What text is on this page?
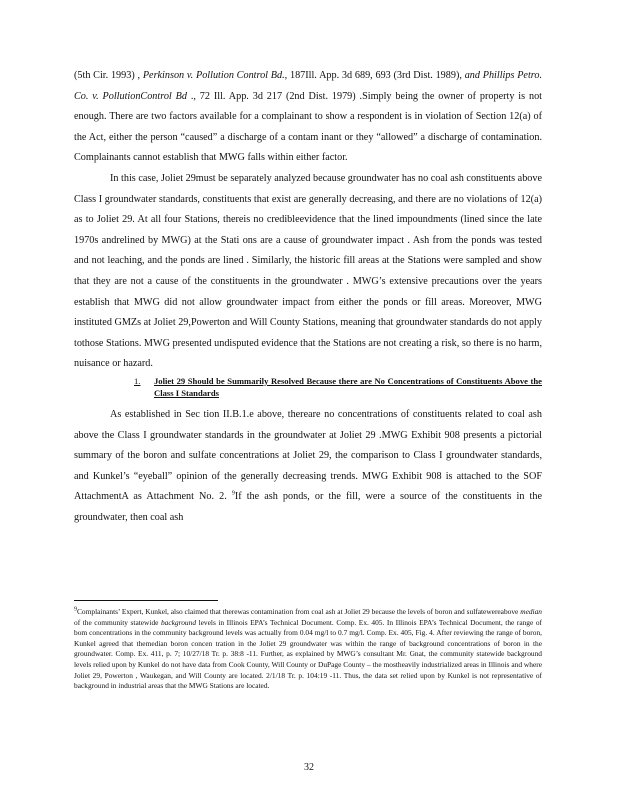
(5th Cir. 1993) , Perkinson v. Pollution Control Bd., 187Ill. App. 3d 689, 693 (3rd Dist. 1989), and Phillips Petro. Co. v. PollutionControl Bd ., 72 Ill. App. 3d 217 (2nd Dist. 1979) .Simply being the owner of property is not enough. There are two factors available for a complainant to show a respondent is in violation of Section 12(a) of the Act, either the person “caused” a discharge of a contam inant or they “allowed” a discharge of contamination. Complainants cannot establish that MWG falls within either factor.

In this case, Joliet 29must be separately analyzed because groundwater has no coal ash constituents above Class I groundwater standards, constituents that exist are generally decreasing, and there are no violations of 12(a) as to Joliet 29. At all four Stations, thereis no credibleevidence that the lined impoundments (lined since the late 1970s andrelined by MWG) at the Stati ons are a cause of groundwater impact . Ash from the ponds was tested and not leaching, and the ponds are lined . Similarly, the historic fill areas at the Stations were sampled and show that they are not a cause of the constituents in the groundwater . MWG’s extensive precautions over the years establish that MWG did not allow groundwater impact from either the ponds or fill areas. Moreover, MWG instituted GMZs at Joliet 29,Powerton and Will County Stations, meaning that groundwater standards do not apply tothose Stations. MWG presented undisputed evidence that the Stations are not creating a risk, so there is no harm, nuisance or hazard.

1.	Joliet 29 Should be Summarily Resolved Because there are No Concentrations of Constituents Above the Class I Standards

As established in Sec tion II.B.1.e above, thereare no concentrations of constituents related to coal ash above the Class I groundwater standards in the groundwater at Joliet 29 .MWG Exhibit 908 presents a pictorial summary of the boron and sulfate concentrations at Joliet 29, the comparison to Class I groundwater standards, and Kunkel’s “eyeball” opinion of the generally decreasing trends. MWG Exhibit 908 is attached to the SOF AttachmentA as Attachment No. 2. $^9$If the ash ponds, or the fill, were a source of the constituents in the groundwater, then coal ash

$^9$Complainants’ Expert, Kunkel, also claimed that therewas contamination from coal ash at Joliet 29 because the levels of boron and sulfatewereabove median of the community statewide background levels in Illinois EPA’s Technical Document. Comp. Ex. 405. In Illinois EPA’s Technical Document, the range of bom concentrations in the community background levels was actually from 0.04 mg/l to 0.7 mg/l. Comp. Ex. 405, Fig. 4. After reviewing the range of boron, Kunkel agreed that themedian boron concen tration in the Joliet 29 groundwater was within the range of background concentrations of boron in the groundwater. Comp. Ex. 411, p. 7; 10/27/18 Tr. p. 38:8 -11. Further, as explained by MWG’s consultant Mr. Gnat, the community statewide background levels relied upon by Kunkel do not have data from Cook County, Will County or DuPage County – the mostheavily industrialized areas in Illinois and where Joliet 29, Powerton , Waukegan, and Will County are located. 2/1/18 Tr. p. 104:19 -11. Thus, the data set relied upon by Kunkel is not representative of background in industrial areas that the MWG Stations are located.
32
